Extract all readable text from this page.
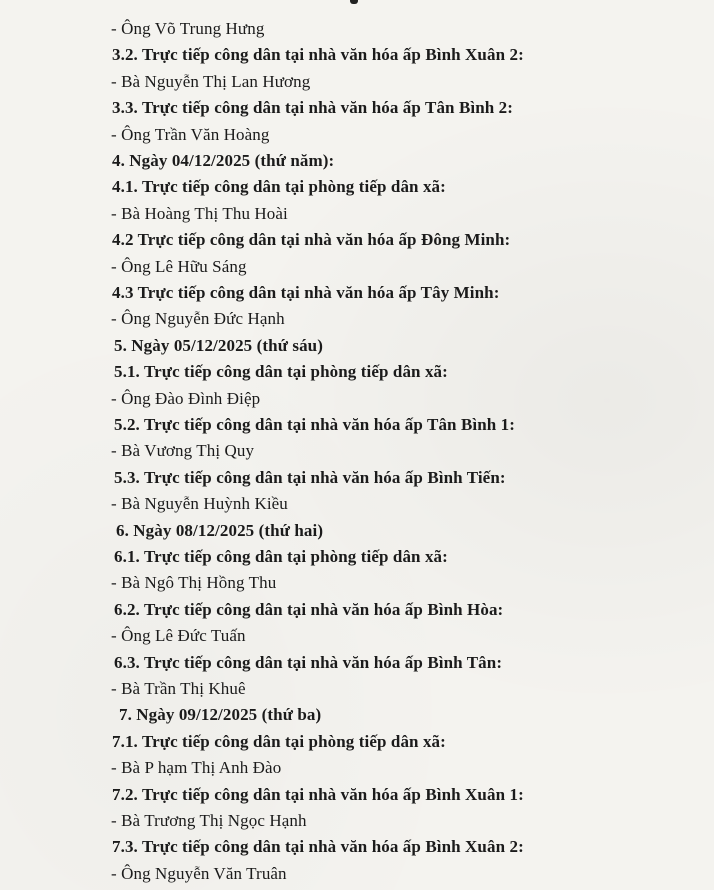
- Ông Võ Trung Hưng
3.2. Trực tiếp công dân tại nhà văn hóa ấp Bình Xuân 2:
- Bà Nguyễn Thị Lan Hương
3.3. Trực tiếp công dân tại nhà văn hóa ấp Tân Bình 2:
- Ông Trần Văn Hoàng
4. Ngày 04/12/2025 (thứ năm):
4.1. Trực tiếp công dân tại phòng tiếp dân xã:
- Bà Hoàng Thị Thu Hoài
4.2 Trực tiếp công dân tại nhà văn hóa ấp Đông Minh:
- Ông Lê Hữu Sáng
4.3 Trực tiếp công dân tại nhà văn hóa ấp Tây Minh:
- Ông Nguyễn Đức Hạnh
5. Ngày 05/12/2025 (thứ sáu)
5.1. Trực tiếp công dân tại phòng tiếp dân xã:
- Ông Đào Đình Điệp
5.2. Trực tiếp công dân tại nhà văn hóa ấp Tân Bình 1:
- Bà Vương Thị Quy
5.3. Trực tiếp công dân tại nhà văn hóa ấp Bình Tiến:
- Bà Nguyễn Huỳnh Kiều
6. Ngày 08/12/2025 (thứ hai)
6.1. Trực tiếp công dân tại phòng tiếp dân xã:
- Bà Ngô Thị Hồng Thu
6.2. Trực tiếp công dân tại nhà văn hóa ấp Bình Hòa:
- Ông Lê Đức Tuấn
6.3. Trực tiếp công dân tại nhà văn hóa ấp Bình Tân:
- Bà Trần Thị Khuê
7. Ngày 09/12/2025 (thứ ba)
7.1. Trực tiếp công dân tại phòng tiếp dân xã:
- Bà P hạm Thị Anh Đào
7.2. Trực tiếp công dân tại nhà văn hóa ấp Bình Xuân 1:
- Bà Trương Thị Ngọc Hạnh
7.3. Trực tiếp công dân tại nhà văn hóa ấp Bình Xuân 2:
- Ông Nguyễn Văn Truân
